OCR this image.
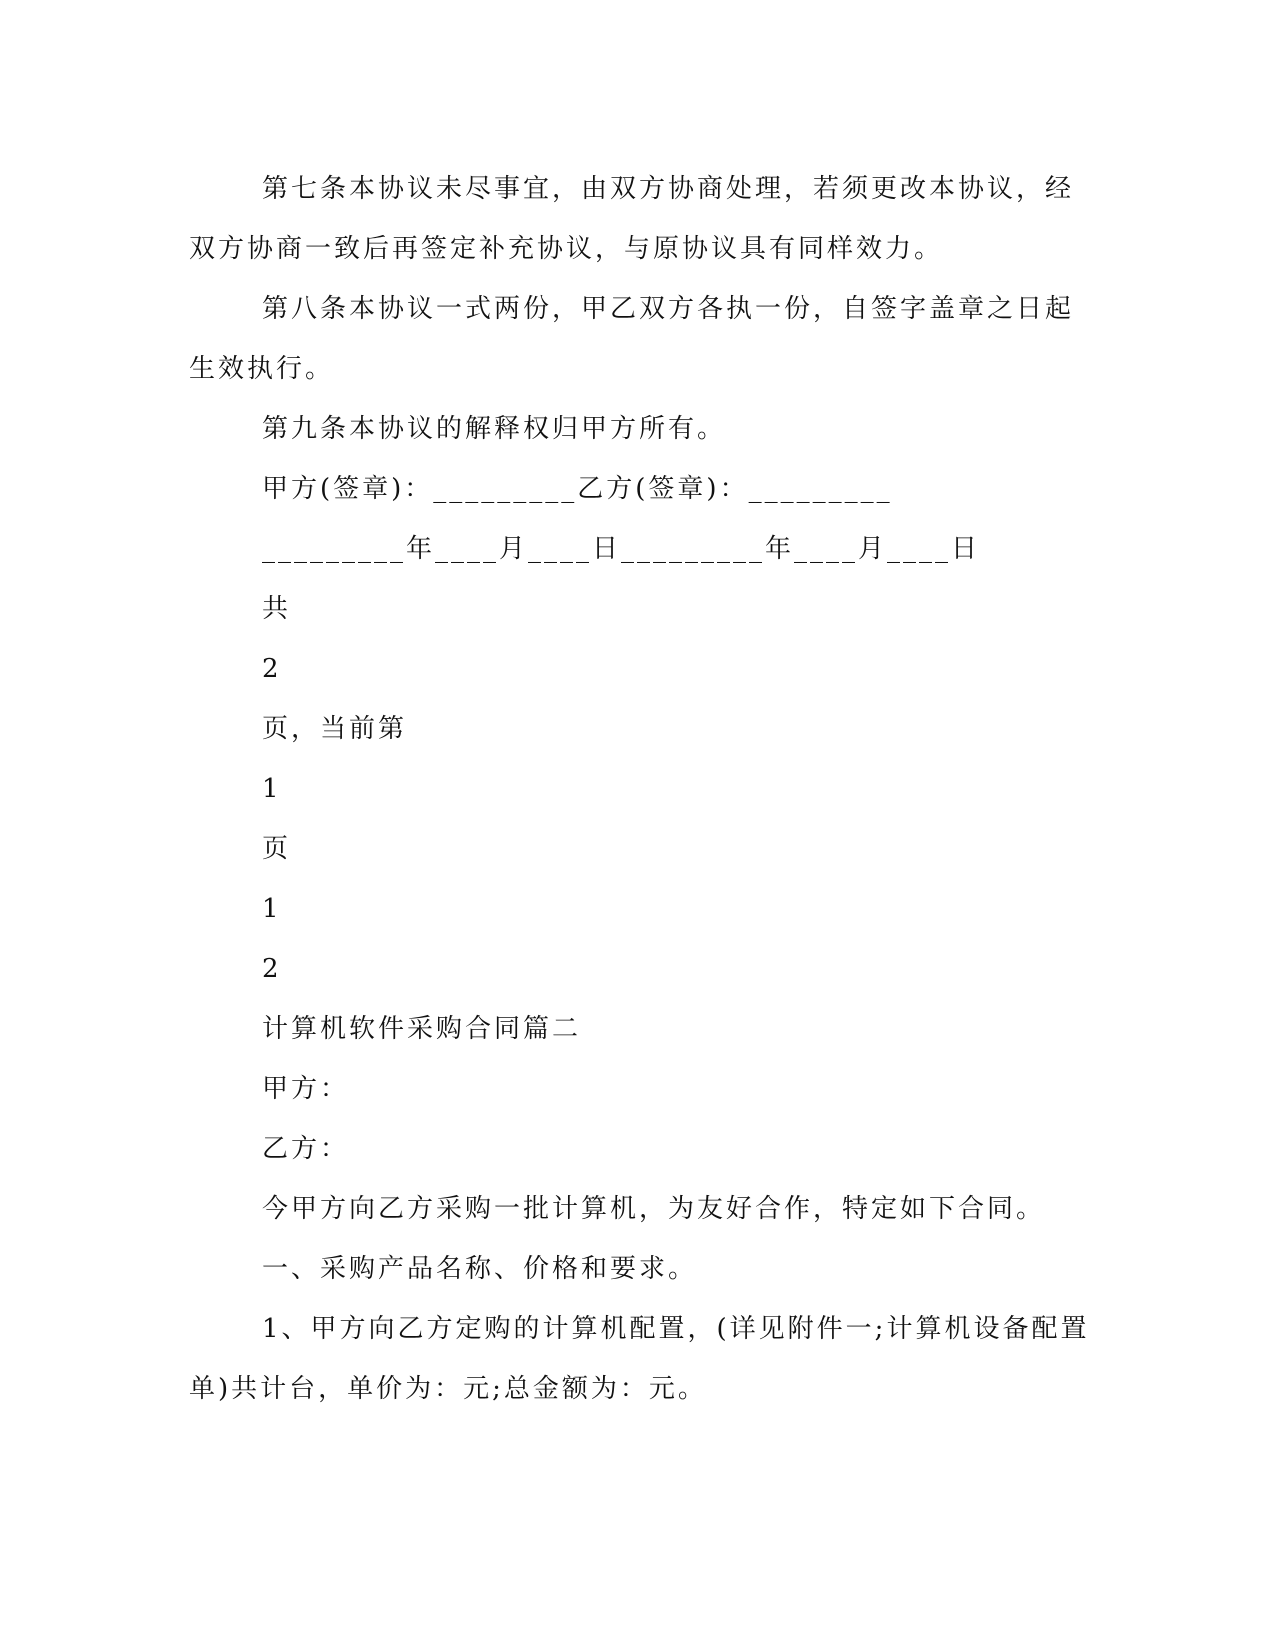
第七条本协议未尽事宜，由双方协商处理，若须更改本协议，经
双方协商一致后再签定补充协议，与原协议具有同样效力。
第八条本协议一式两份，甲乙双方各执一份，自签字盖章之日起
生效执行。
第九条本协议的解释权归甲方所有。
甲方(签章)：_________乙方(签章)：_________
_________年____月____日_________年____月____日
共
2
页，当前第
1
页
1
2
计算机软件采购合同篇二
甲方：
乙方：
今甲方向乙方采购一批计算机，为友好合作，特定如下合同。
一、采购产品名称、价格和要求。
1、甲方向乙方定购的计算机配置，(详见附件一;计算机设备配置
单)共计台，单价为：元;总金额为：元。
